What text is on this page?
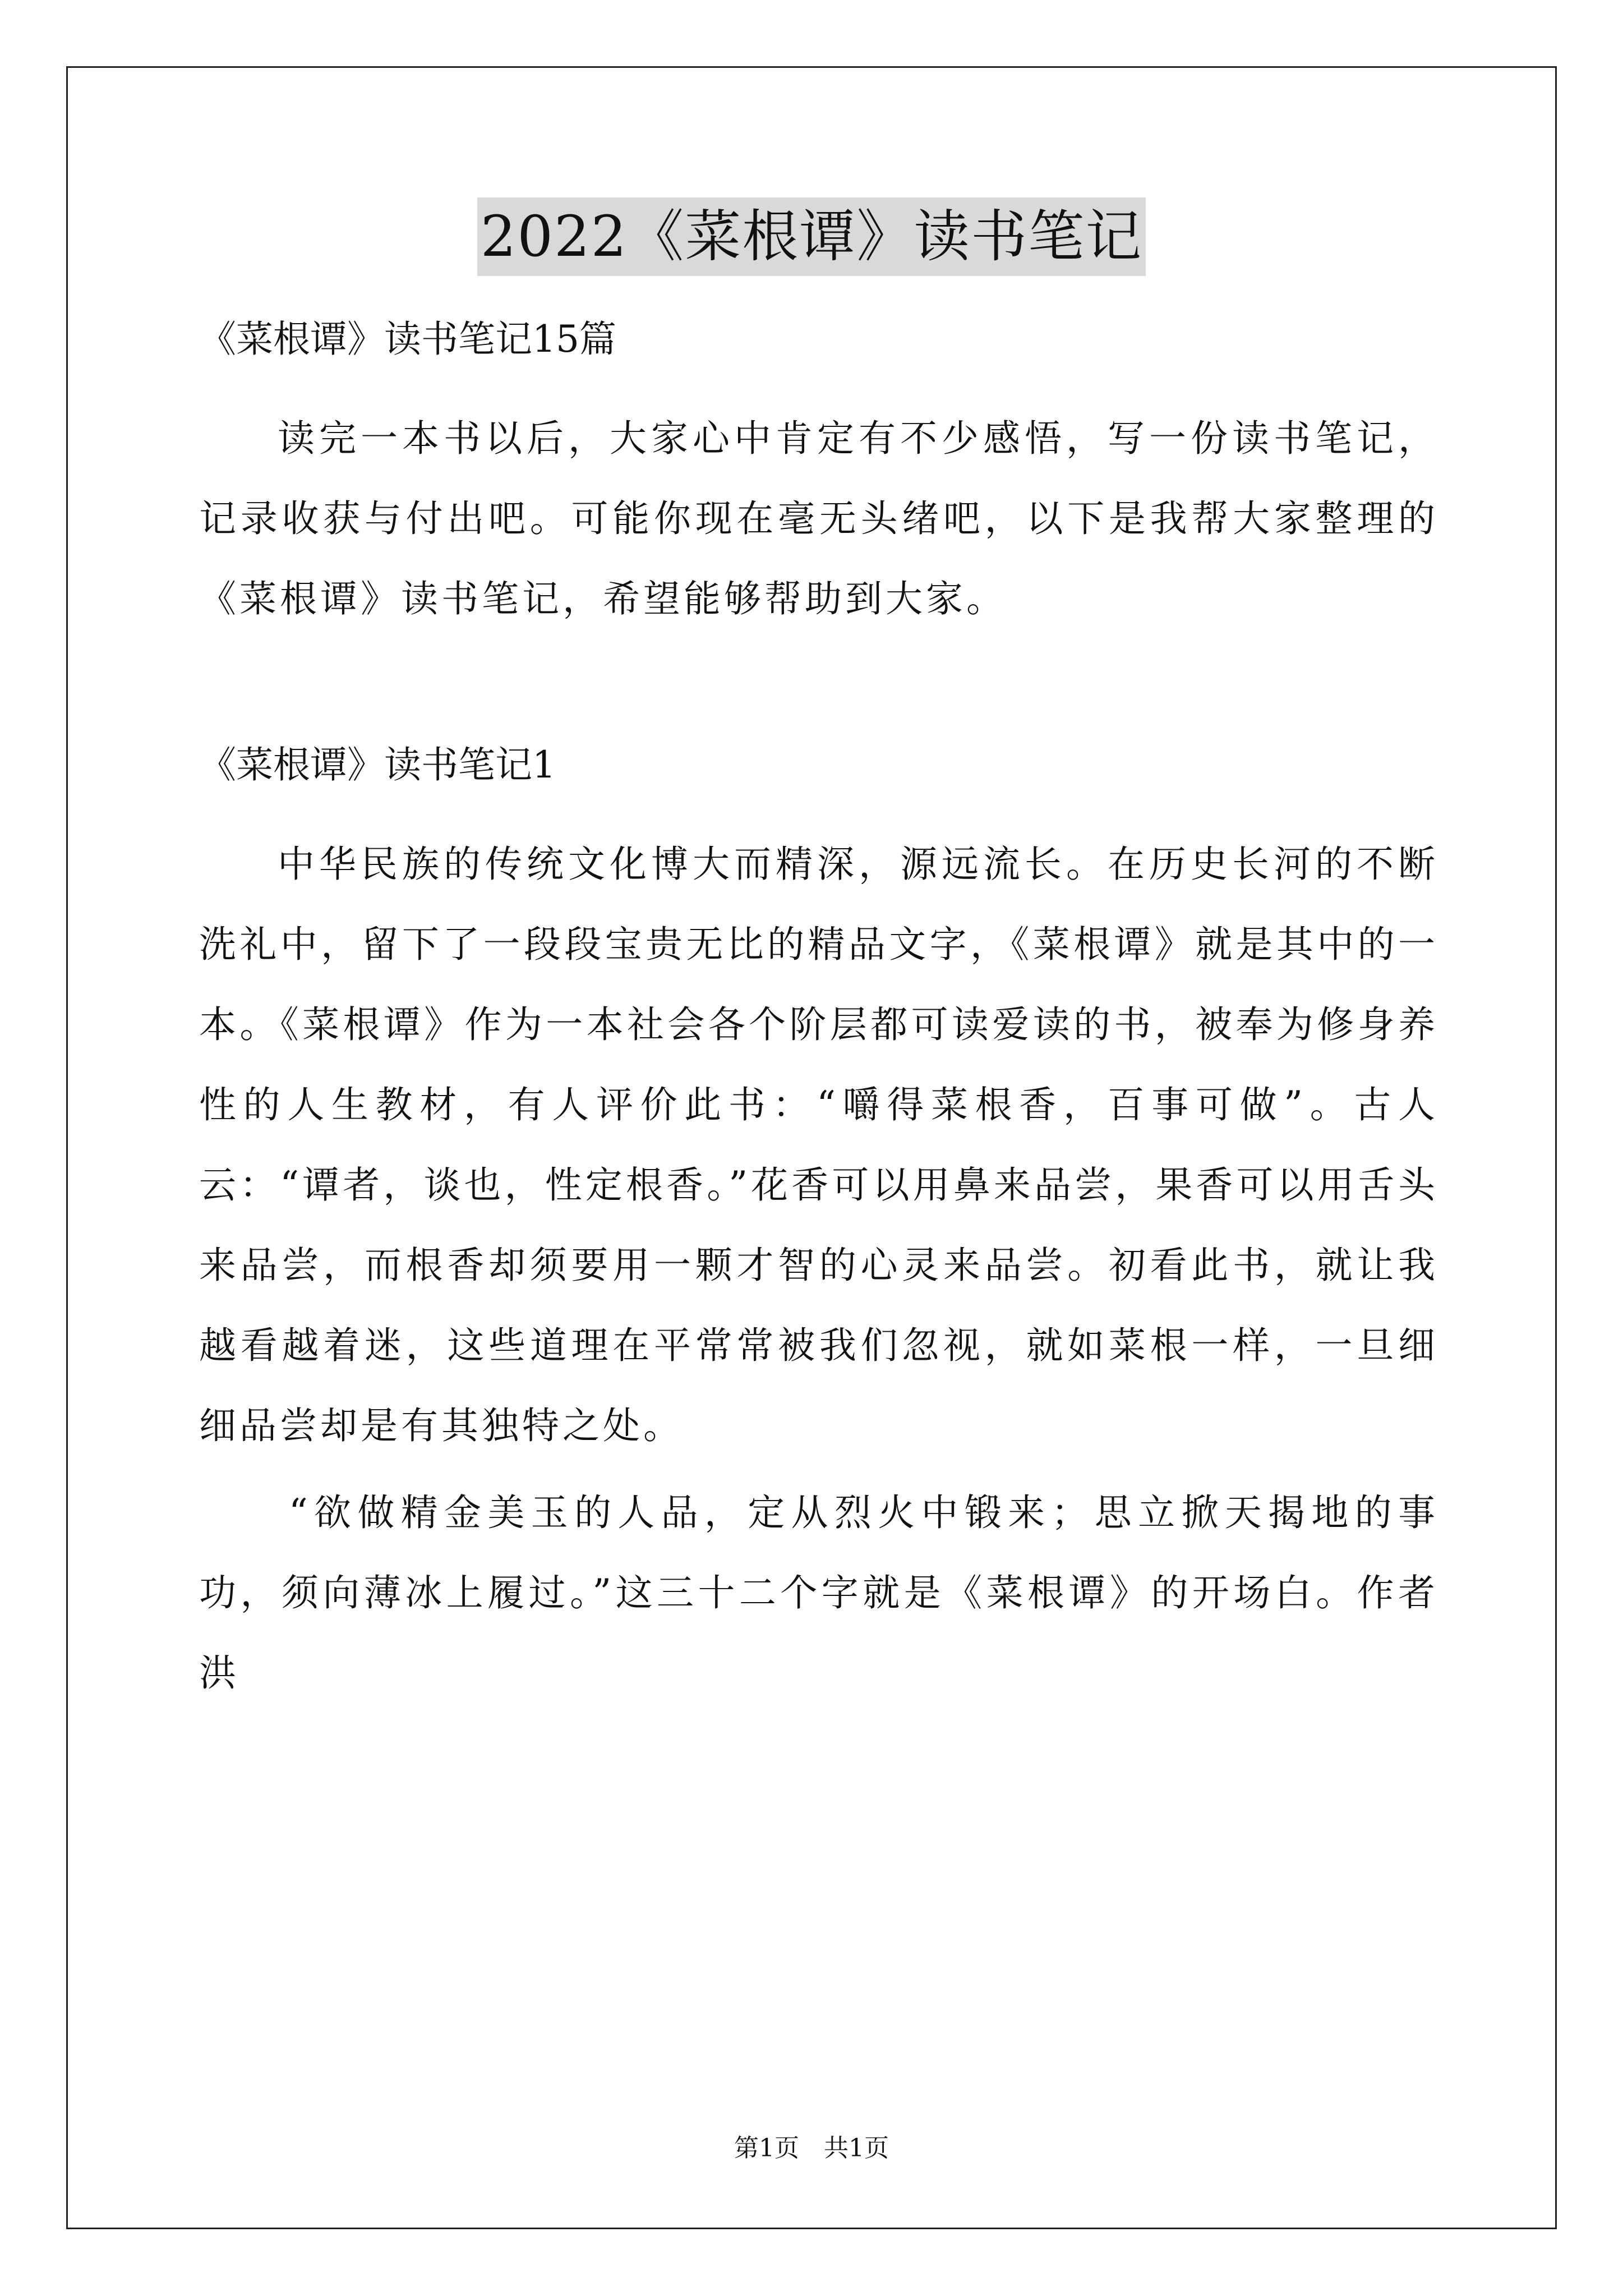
2022《菜根谭》读书笔记

《菜根谭》读书笔记15篇

读完一本书以后，大家心中肯定有不少感悟，写一份读书笔记，记录收获与付出吧。可能你现在毫无头绪吧，以下是我帮大家整理的《菜根谭》读书笔记，希望能够帮助到大家。

《菜根谭》读书笔记1

中华民族的传统文化博大而精深，源远流长。在历史长河的不断洗礼中，留下了一段段宝贵无比的精品文字，《菜根谭》就是其中的一本。《菜根谭》作为一本社会各个阶层都可读爱读的书，被奉为修身养性的人生教材，有人评价此书：“嚼得菜根香，百事可做”。古人云：“谭者，谈也，性定根香。”花香可以用鼻来品尝，果香可以用舌头来品尝，而根香却须要用一颗才智的心灵来品尝。初看此书，就让我越看越着迷，这些道理在平常常被我们忽视，就如菜根一样，一旦细细品尝却是有其独特之处。

“欲做精金美玉的人品，定从烈火中锻来；思立掀天揭地的事功，须向薄冰上履过。”这三十二个字就是《菜根谭》的开场白。作者洪

第1页　共1页
